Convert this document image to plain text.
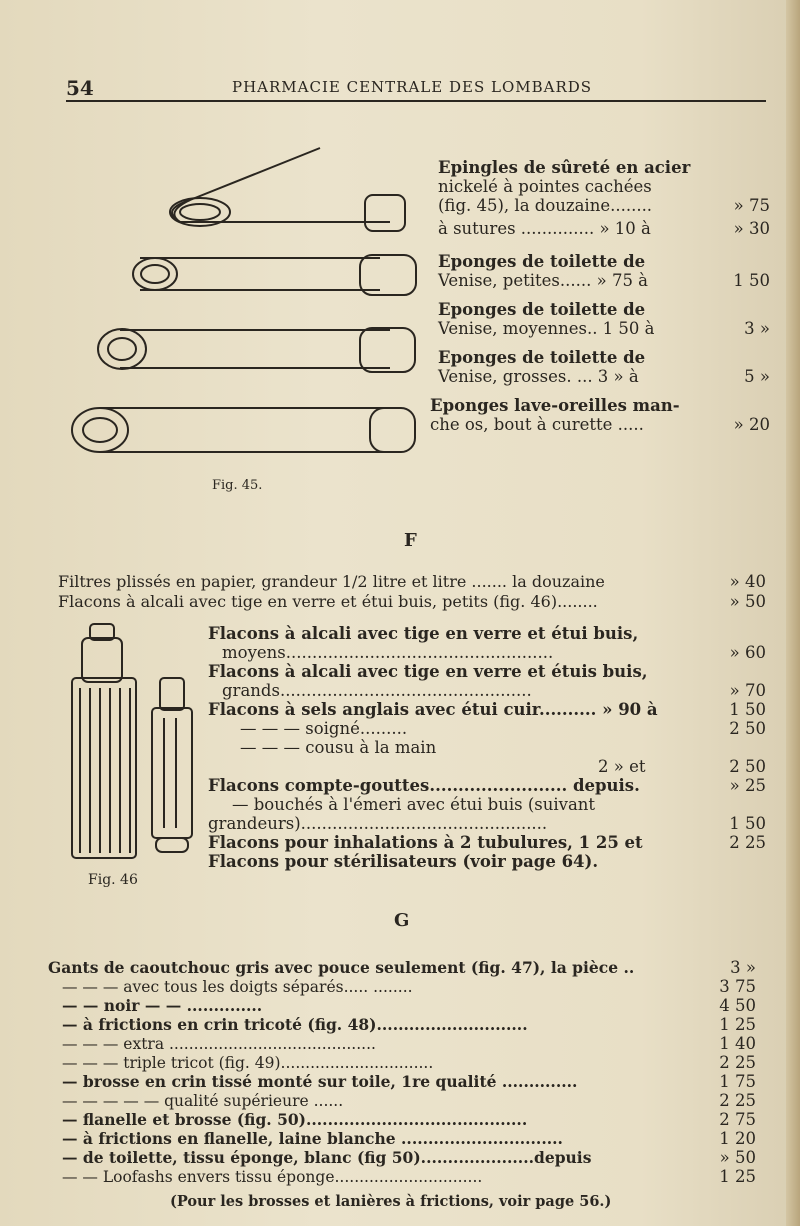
54	PHARMACIE CENTRALE DES LOMBARDS
Fig. 45.
Epingles de sûreté en acier
nickelé à pointes cachées
(fig. 45), la douzaine........	» 75
à sutures .............. » 10 à	» 30
Eponges de toilette de
Venise, petites...... » 75 à	1 50
Eponges de toilette de
Venise, moyennes.. 1 50 à	3 »
Eponges de toilette de
Venise, grosses. ... 3 » à	5 »
Eponges lave-oreilles man-
che os, bout à curette .....	» 20
F
Filtres plissés en papier, grandeur 1/2 litre et litre ....... la douzaine	» 40
Flacons à alcali avec tige en verre et étui buis, petits (fig. 46)........	» 50
Fig. 46
Flacons à alcali avec tige en verre et étui buis,
moyens...................................................	» 60
Flacons à alcali avec tige en verre et étuis buis,
grands................................................	» 70
Flacons à sels anglais avec étui cuir.......... » 90 à	1 50
— — — soigné.........	2 50
— — — cousu à la main
2 » et	2 50
Flacons compte-gouttes........................ depuis.	» 25
— bouchés à l'émeri avec étui buis (suivant
grandeurs)...............................................	1 50
Flacons pour inhalations à 2 tubulures, 1 25 et	2 25
Flacons pour stérilisateurs (voir page 64).
G
Gants de caoutchouc gris avec pouce seulement (fig. 47), la pièce ..	3 »
— — — avec tous les doigts séparés..... ........	3 75
— — noir — — ..............	4 50
— à frictions en crin tricoté (fig. 48)............................	1 25
— — — extra ..........................................	1 40
— — — triple tricot (fig. 49)...............................	2 25
— brosse en crin tissé monté sur toile, 1re qualité ..............	1 75
— — — — — qualité supérieure ......	2 25
— flanelle et brosse (fig. 50).........................................	2 75
— à frictions en flanelle, laine blanche ..............................	1 20
— de toilette, tissu éponge, blanc (fig 50).....................depuis	» 50
— — Loofashs envers tissu éponge..............................	1 25
(Pour les brosses et lanières à frictions, voir page 56.)
